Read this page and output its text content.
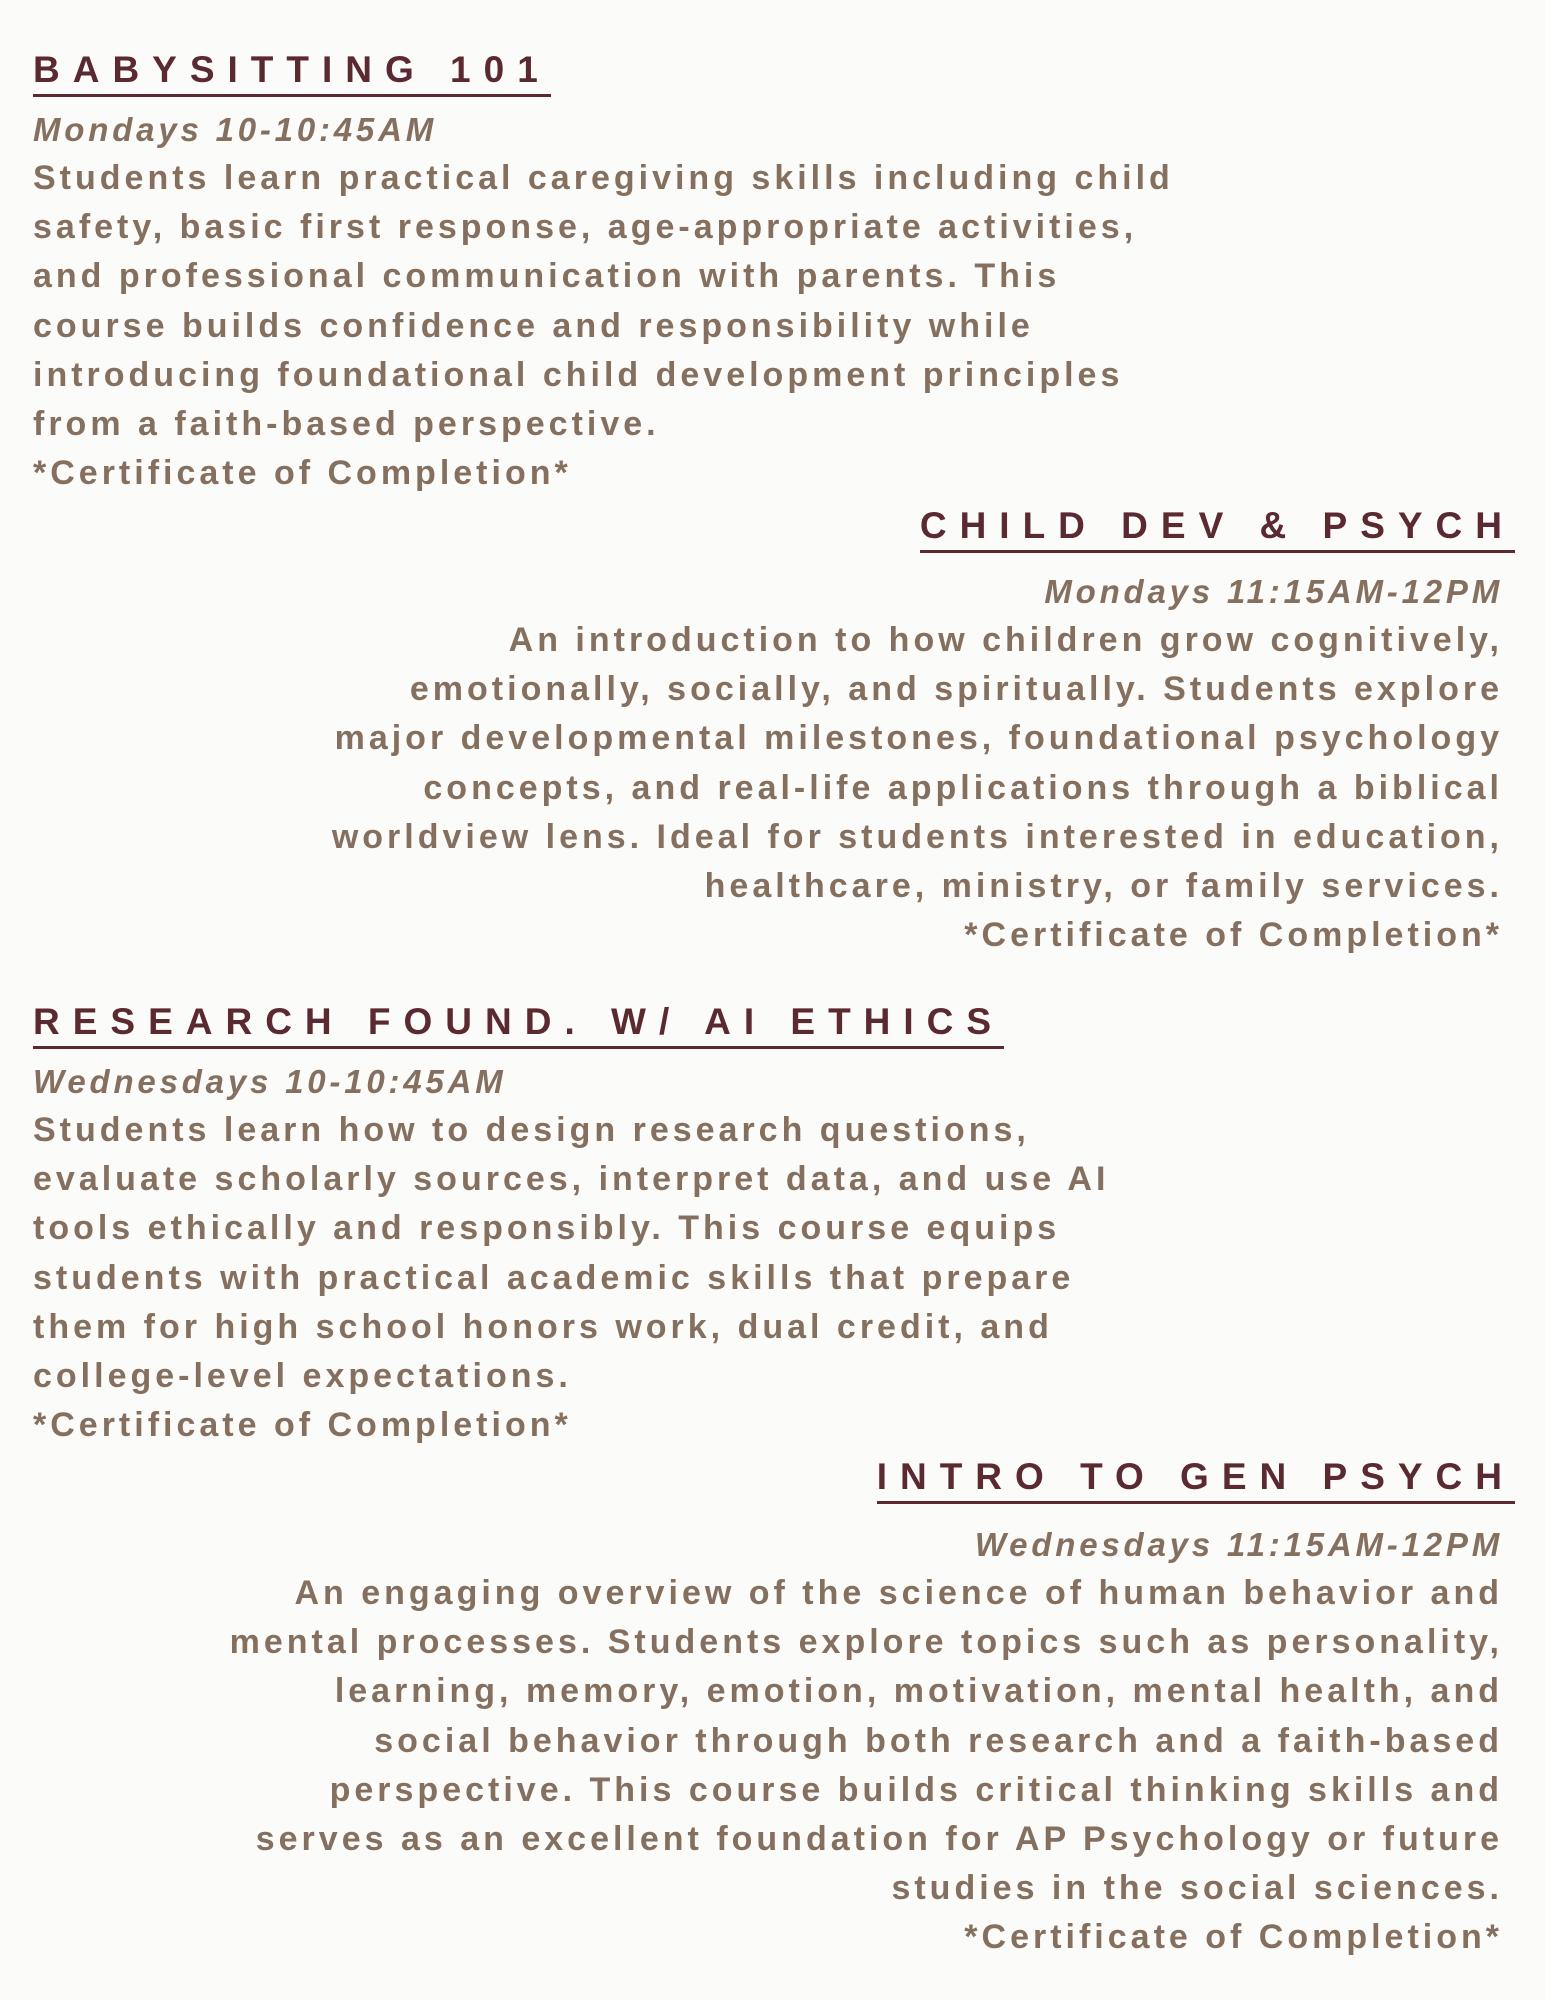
BABYSITTING 101
Mondays 10-10:45AM
Students learn practical caregiving skills including child
safety, basic first response, age-appropriate activities,
and professional communication with parents. This
course builds confidence and responsibility while
introducing foundational child development principles
from a faith-based perspective.
*Certificate of Completion*
CHILD DEV & PSYCH
Mondays 11:15AM-12PM
An introduction to how children grow cognitively,
emotionally, socially, and spiritually. Students explore
major developmental milestones, foundational psychology
concepts, and real-life applications through a biblical
worldview lens. Ideal for students interested in education,
healthcare, ministry, or family services.
*Certificate of Completion*
RESEARCH FOUND. W/ AI ETHICS
Wednesdays 10-10:45AM
Students learn how to design research questions,
evaluate scholarly sources, interpret data, and use AI
tools ethically and responsibly. This course equips
students with practical academic skills that prepare
them for high school honors work, dual credit, and
college-level expectations.
*Certificate of Completion*
INTRO TO GEN PSYCH
Wednesdays 11:15AM-12PM
An engaging overview of the science of human behavior and
mental processes. Students explore topics such as personality,
learning, memory, emotion, motivation, mental health, and
social behavior through both research and a faith-based
perspective. This course builds critical thinking skills and
serves as an excellent foundation for AP Psychology or future
studies in the social sciences.
*Certificate of Completion*
